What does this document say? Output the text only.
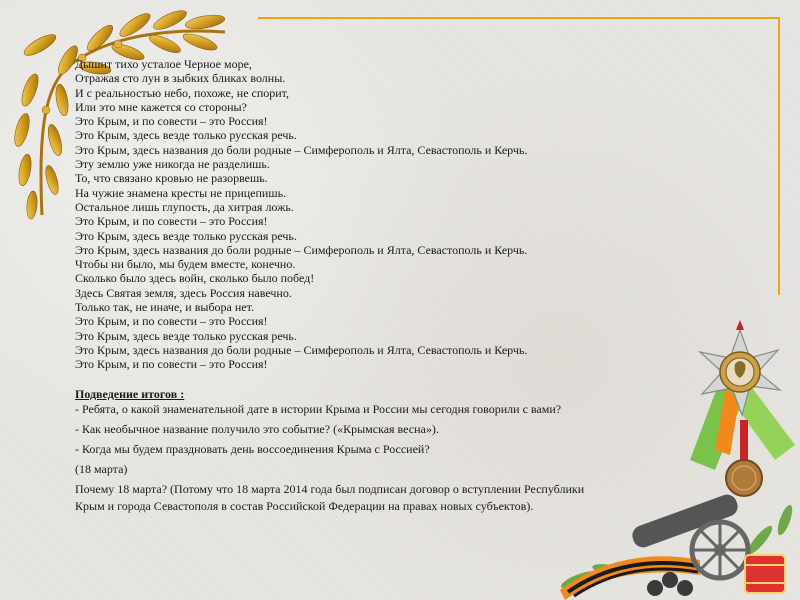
Дышит тихо усталое Черное море,
Отражая сто лун в зыбких бликах волны.
И с реальностью небо, похоже, не спорит,
Или это мне кажется со стороны?
Это Крым, и по совести – это Россия!
Это Крым, здесь везде только русская речь.
Это Крым, здесь названия до боли родные – Симферополь и Ялта, Севастополь и Керчь.
Эту землю уже никогда не разделишь.
То, что связано кровью не разорвешь.
На чужие знамена кресты не прицепишь.
Остальное лишь глупость, да хитрая ложь.
Это Крым, и по совести – это Россия!
Это Крым, здесь везде только русская речь.
Это Крым, здесь названия до боли родные – Симферополь и Ялта, Севастополь и Керчь.
Чтобы ни было, мы будем вместе, конечно.
Сколько было здесь войн, сколько было побед!
Здесь Святая земля, здесь Россия навечно.
Только так, не иначе, и выбора нет.
Это Крым, и по совести – это Россия!
Это Крым, здесь везде только русская речь.
Это Крым, здесь названия до боли родные – Симферополь и Ялта, Севастополь и Керчь.
Это Крым, и по совести – это Россия!
Подведение итогов :
- Ребята, о какой знаменательной дате в истории Крыма и России мы сегодня говорили с вами?
- Как необычное название получило это событие? («Крымская весна»).
- Когда мы будем праздновать день воссоединения Крыма с Россией?
(18 марта)
Почему 18 марта? (Потому что 18 марта 2014 года был подписан договор о вступлении Республики
Крым и города Севастополя в состав Российской Федерации на правах новых субъектов).
